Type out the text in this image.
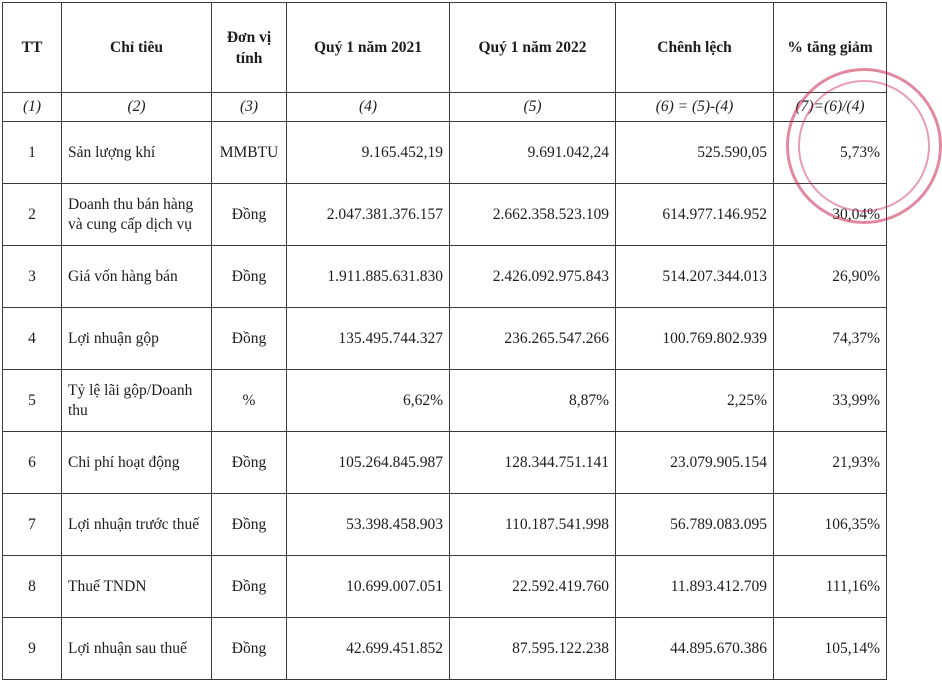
TT	Chỉ tiêu	Đơn vị tính	Quý 1 năm 2021	Quý 1 năm 2022	Chênh lệch	% tăng giảm
(1)	(2)	(3)	(4)	(5)	(6) = (5)-(4)	(7)=(6)/(4)
1	Sản lượng khí	MMBTU	9.165.452,19	9.691.042,24	525.590,05	5,73%
2	Doanh thu bán hàng và cung cấp dịch vụ	Đồng	2.047.381.376.157	2.662.358.523.109	614.977.146.952	30,04%
3	Giá vốn hàng bán	Đồng	1.911.885.631.830	2.426.092.975.843	514.207.344.013	26,90%
4	Lợi nhuận gộp	Đồng	135.495.744.327	236.265.547.266	100.769.802.939	74,37%
5	Tỷ lệ lãi gộp/Doanh thu	%	6,62%	8,87%	2,25%	33,99%
6	Chi phí hoạt động	Đồng	105.264.845.987	128.344.751.141	23.079.905.154	21,93%
7	Lợi nhuận trước thuế	Đồng	53.398.458.903	110.187.541.998	56.789.083.095	106,35%
8	Thuế TNDN	Đồng	10.699.007.051	22.592.419.760	11.893.412.709	111,16%
9	Lợi nhuận sau thuế	Đồng	42.699.451.852	87.595.122.238	44.895.670.386	105,14%
